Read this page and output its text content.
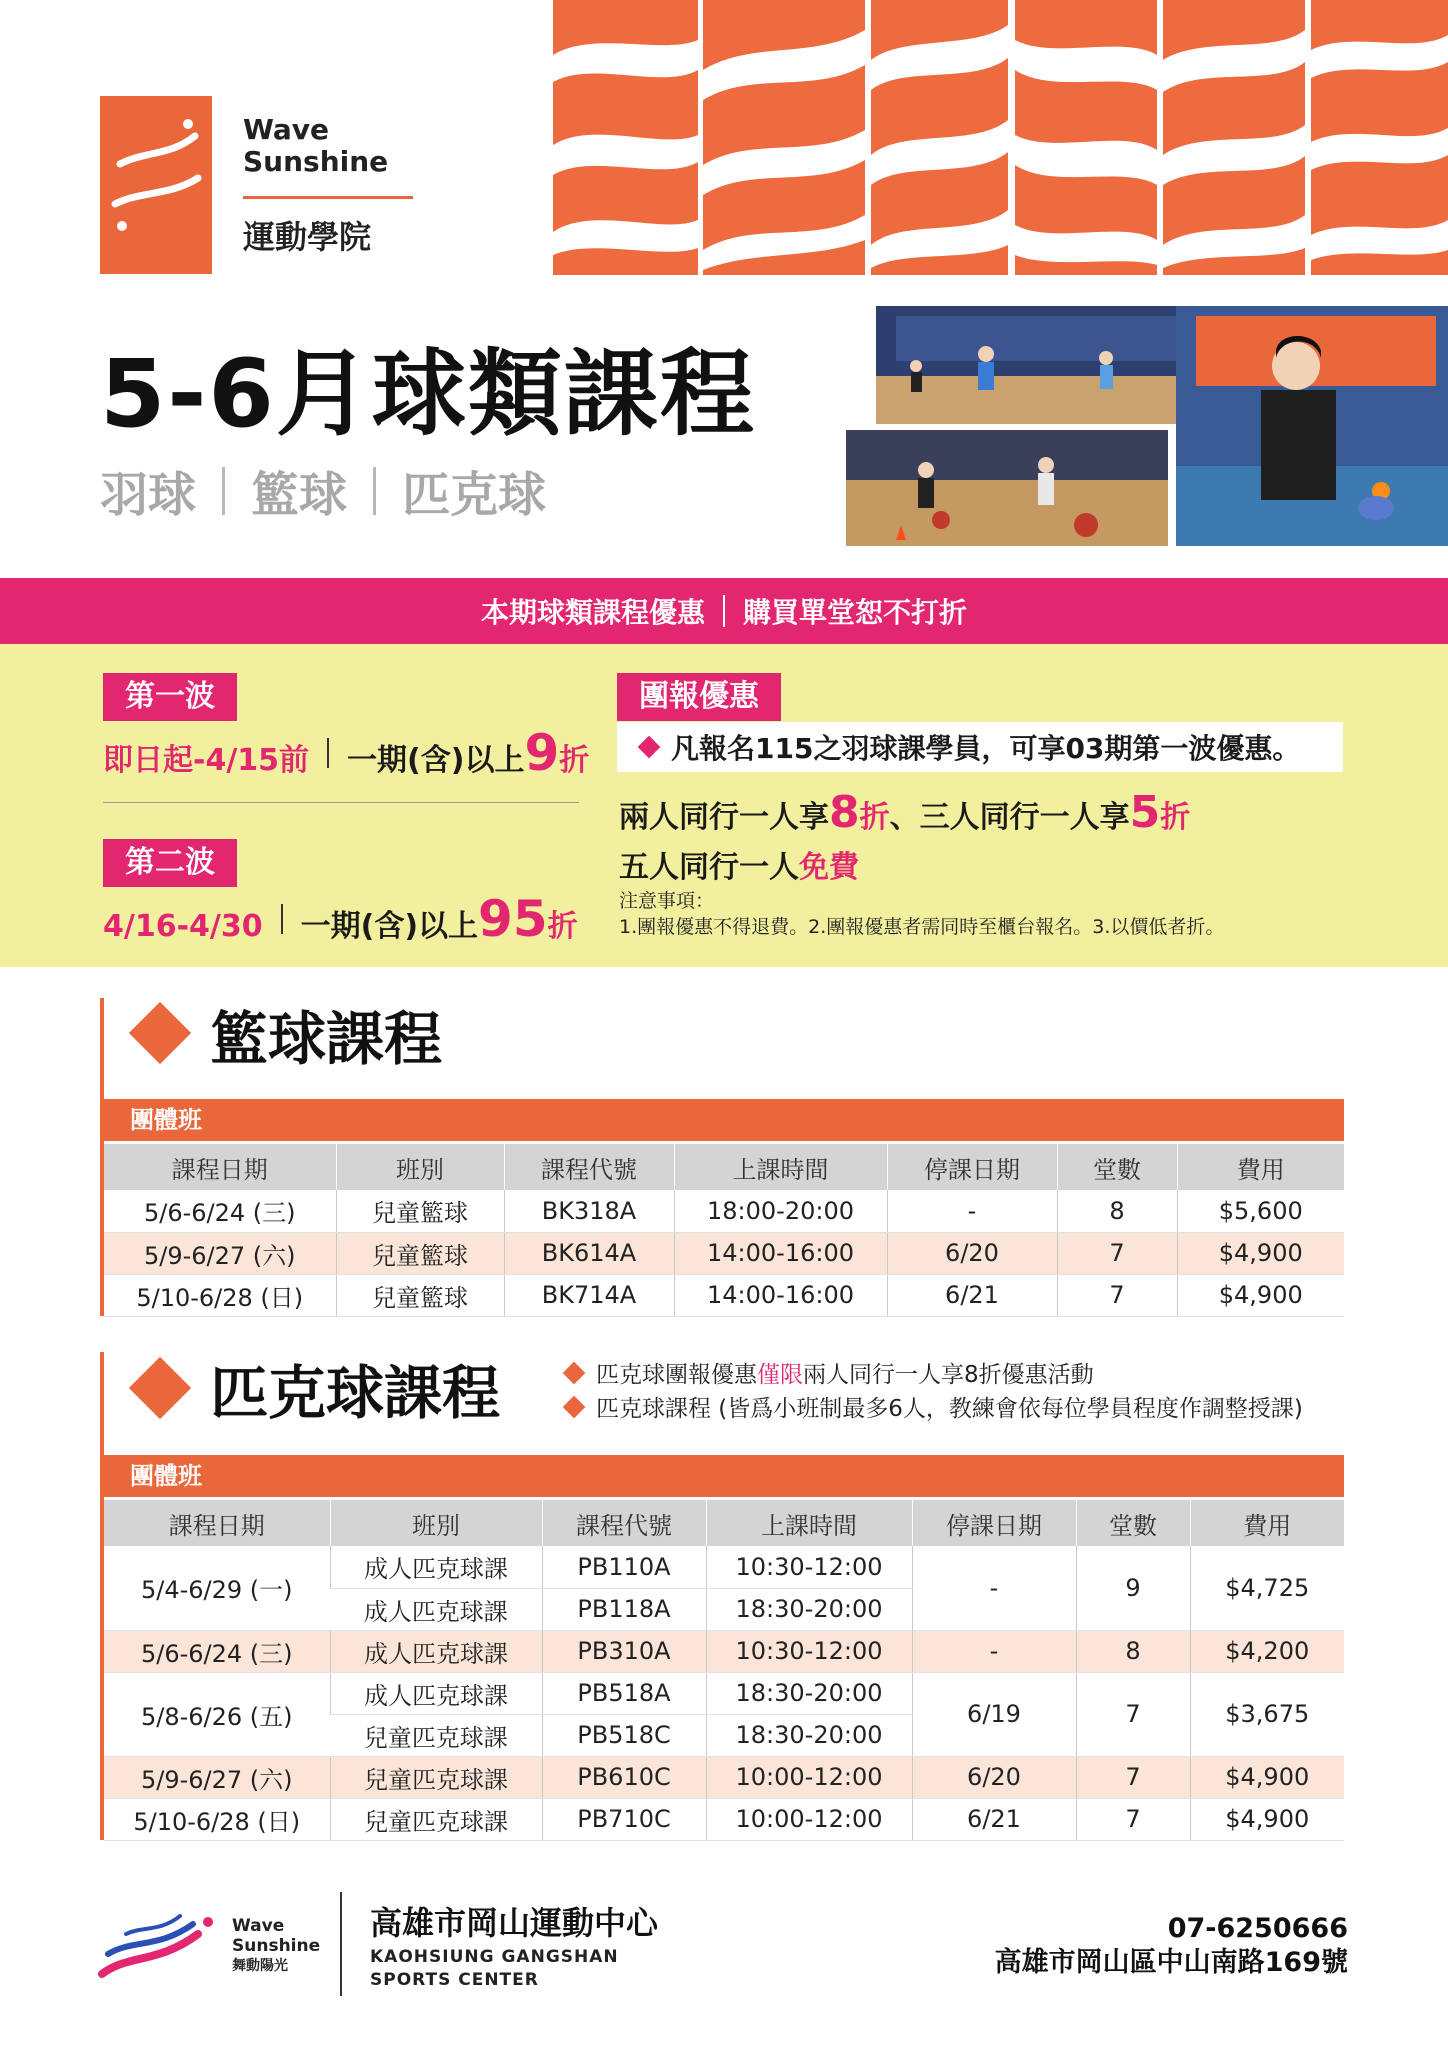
Wave
Sunshine
運動學院
5-6月球類課程
羽球 籃球 匹克球
本期球類課程優惠 購買單堂恕不打折
第一波
即日起-4/15前 一期(含)以上 9 折
第二波
4/16-4/30 一期(含)以上 95 折
團報優惠
凡報名115之羽球課學員，可享03期第一波優惠。
兩人同行一人享 8 折 、三人同行一人享 5 折
五人同行一人 免費
注意事項：
1.團報優惠不得退費。2.團報優惠者需同時至櫃台報名。3.以價低者折。
籃球課程
團體班
課程日期	班別	課程代號	上課時間	停課日期	堂數	費用
5/6-6/24 (三)	兒童籃球	BK318A	18:00-20:00	-	8	$5,600
5/9-6/27 (六)	兒童籃球	BK614A	14:00-16:00	6/20	7	$4,900
5/10-6/28 (日)	兒童籃球	BK714A	14:00-16:00	6/21	7	$4,900
匹克球課程	匹克球團報優惠 僅限 兩人同行一人享8折優惠活動
匹克球課程 (皆爲小班制最多6人，教練會依每位學員程度作調整授課)
團體班
課程日期	班別	課程代號	上課時間	停課日期	堂數	費用
5/4-6/29 (一)	成人匹克球課	PB110A	10:30-12:00	-	9	$4,725
	成人匹克球課	PB118A	18:30-20:00			
5/6-6/24 (三)	成人匹克球課	PB310A	10:30-12:00	-	8	$4,200
5/8-6/26 (五)	成人匹克球課	PB518A	18:30-20:00	6/19	7	$3,675
	兒童匹克球課	PB518C	18:30-20:00			
5/9-6/27 (六)	兒童匹克球課	PB610C	10:00-12:00	6/20	7	$4,900
5/10-6/28 (日)	兒童匹克球課	PB710C	10:00-12:00	6/21	7	$4,900
Wave
Sunshine
舞動陽光
高雄市岡山運動中心
KAOHSIUNG GANGSHAN
SPORTS CENTER
07-6250666
高雄市岡山區中山南路169號
